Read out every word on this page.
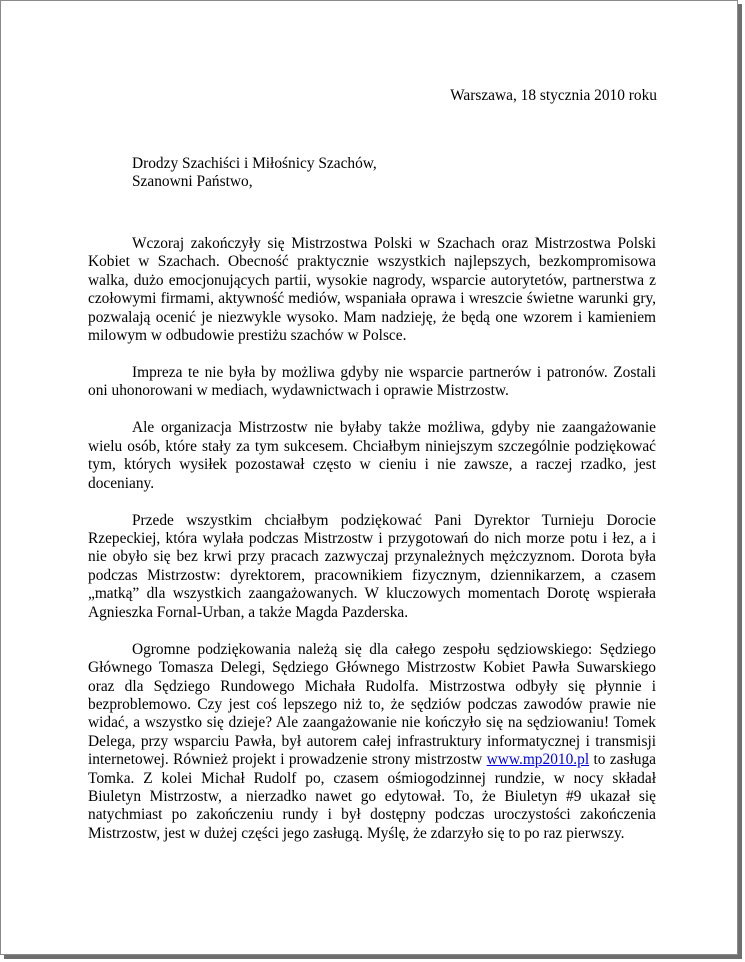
Warszawa, 18 stycznia 2010 roku
Drodzy Szachiści i Miłośnicy Szachów,
Szanowni Państwo,

Wczoraj zakończyły się Mistrzostwa Polski w Szachach oraz Mistrzostwa Polski Kobiet w Szachach. Obecność praktycznie wszystkich najlepszych, bezkompromisowa walka, dużo emocjonujących partii, wysokie nagrody, wsparcie autorytetów, partnerstwa z czołowymi firmami, aktywność mediów, wspaniała oprawa i wreszcie świetne warunki gry, pozwalają ocenić je niezwykle wysoko. Mam nadzieję, że będą one wzorem i kamieniem milowym w odbudowie prestiżu szachów w Polsce.

Impreza te nie była by możliwa gdyby nie wsparcie partnerów i patronów. Zostali oni uhonorowani w mediach, wydawnictwach i oprawie Mistrzostw.

Ale organizacja Mistrzostw nie byłaby także możliwa, gdyby nie zaangażowanie wielu osób, które stały za tym sukcesem. Chciałbym niniejszym szczególnie podziękować tym, których wysiłek pozostawał często w cieniu i nie zawsze, a raczej rzadko, jest doceniany.

Przede wszystkim chciałbym podziękować Pani Dyrektor Turnieju Dorocie Rzepeckiej, która wylała podczas Mistrzostw i przygotowań do nich morze potu i łez, a i nie obyło się bez krwi przy pracach zazwyczaj przynależnych mężczyznom. Dorota była podczas Mistrzostw: dyrektorem, pracownikiem fizycznym, dziennikarzem, a czasem „matką” dla wszystkich zaangażowanych. W kluczowych momentach Dorotę wspierała Agnieszka Fornal-Urban, a także Magda Pazderska.

Ogromne podziękowania należą się dla całego zespołu sędziowskiego: Sędziego Głównego Tomasza Delegi, Sędziego Głównego Mistrzostw Kobiet Pawła Suwarskiego oraz dla Sędziego Rundowego Michała Rudolfa. Mistrzostwa odbyły się płynnie i bezproblemowo. Czy jest coś lepszego niż to, że sędziów podczas zawodów prawie nie widać, a wszystko się dzieje? Ale zaangażowanie nie kończyło się na sędziowaniu! Tomek Delega, przy wsparciu Pawła, był autorem całej infrastruktury informatycznej i transmisji internetowej. Również projekt i prowadzenie strony mistrzostw www.mp2010.pl to zasługa Tomka. Z kolei Michał Rudolf po, czasem ośmiogodzinnej rundzie, w nocy składał Biuletyn Mistrzostw, a nierzadko nawet go edytował. To, że Biuletyn #9 ukazał się natychmiast po zakończeniu rundy i był dostępny podczas uroczystości zakończenia Mistrzostw, jest w dużej części jego zasługą. Myślę, że zdarzyło się to po raz pierwszy.
